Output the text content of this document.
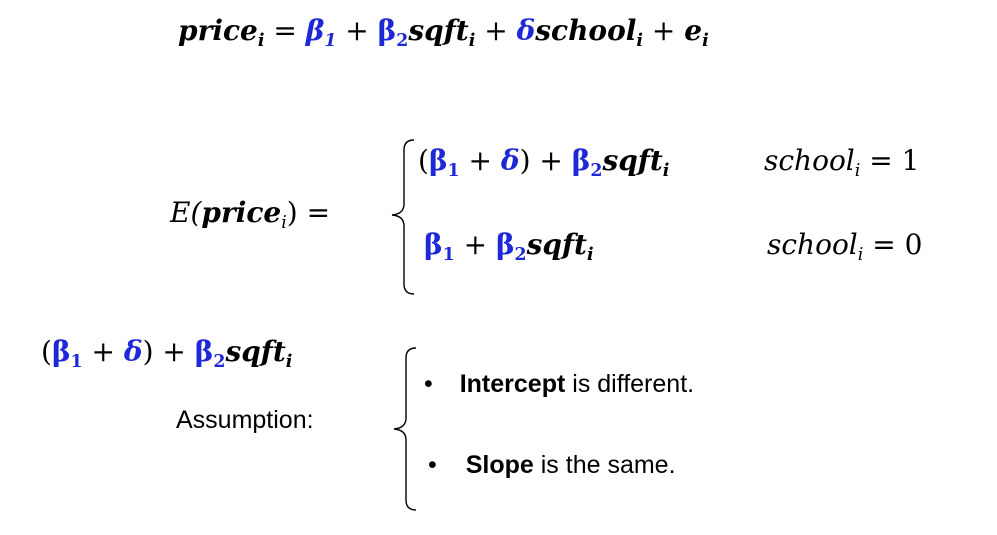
price$_i$ = $\beta_1$ + $\beta_2sqft_i$ + δschool$_i$ + $e_i$
E(price$_i$) =
$(\beta_1 + \delta)$ + $\beta_2sqft_i$	school$_i$ = 1
$\beta_1$ + $\beta_2sqft_i$	school$_i$ = 0
$(\beta_1 + \delta)$ + $\beta_2sqft_i$
Assumption:
• Intercept is different.
• Slope is the same.
